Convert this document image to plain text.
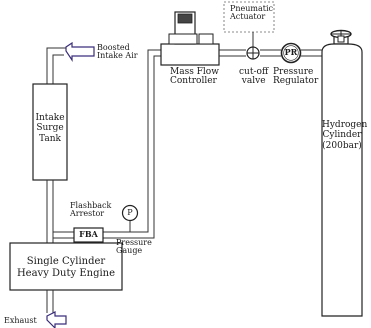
Boosted
Intake Air
Intake
Surge
Tank
Single Cylinder
Heavy Duty Engine
Exhaust
Flashback
Arrestor
FBA
P
Pressure
Gauge
Mass Flow
Controller
Pneumatic
Actuator
cut-off
valve
PR
Pressure
Regulator
Hydrogen
Cylinder
(200bar)
